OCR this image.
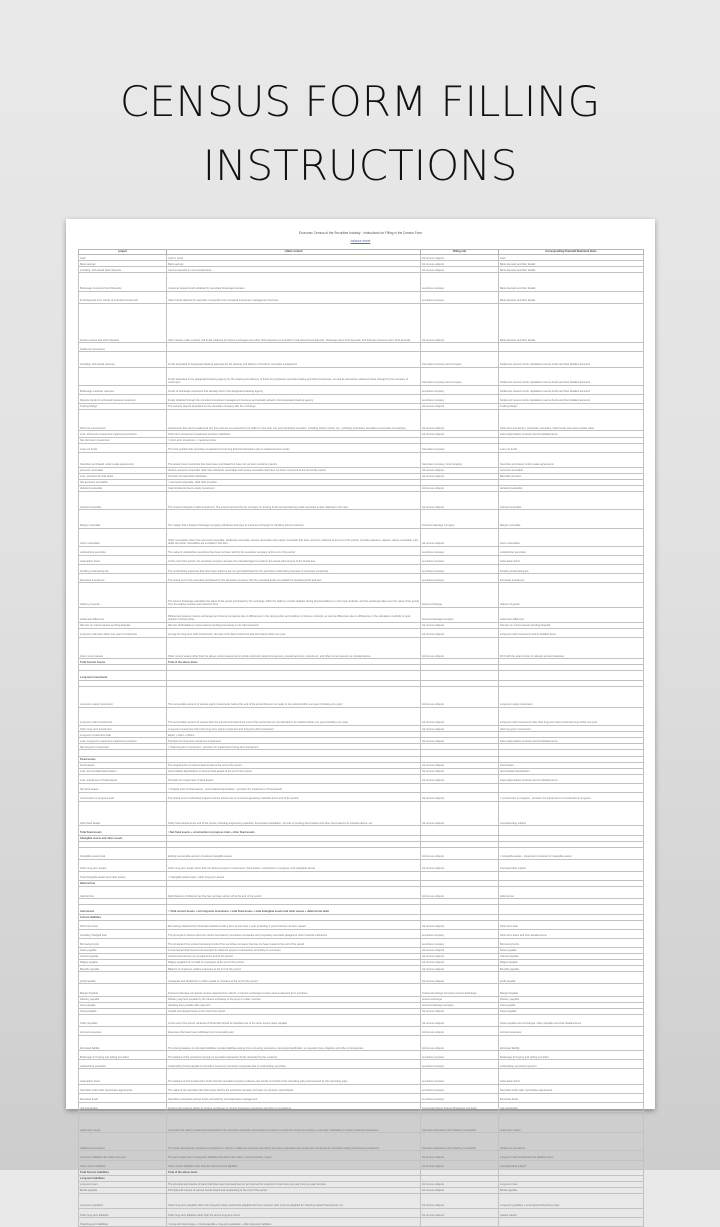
CENSUS FORM FILLING
INSTRUCTIONS
Economic Census of the Securities Industry - Instructions for Filling in the Census Form
balance sheet
project	reflect content	Filling unit	Corresponding Financial Statement Items
cash	cash in stock	All census subjects	cash
Bank savings	Bank savings	All census subjects	Bank deposits and their details
including: self-owned bank deposits	Census deposits in commercial banks	All census subjects	Bank deposits and their details
Brokerage Customer Fund Deposits	Customer deposit funds obtained by securities brokerage business	securities company	Bank deposits and their details
Fund deposits from clients of entrusted investment	Client funds obtained by securities companies from entrusted investment management business	securities company	Bank deposits and their details
Futures assets and other deposits	Client assets under custody, risk funds collected by futures exchanges and other bank deposits not included in self-owned bank deposits, brokerage client fund deposits, and fiduciary business client fund deposits.	All census subjects	Bank deposits and their details
Settlement provisions			
including: self-owned reserves	Funds deposited in designated clearing agencies for the clearing and delivery of funds for securities transactions	Securities company fund company	Settlement reserve funds, liquidation reserve funds and their detailed accounts
	Funds deposited in the designated clearing agency for the clearing and delivery of funds for proprietary securities trading and other businesses, as well as transaction settlement fees charged by the company to customers.	Securities company fund company	Settlement reserve funds, liquidation reserve funds and their detailed accounts
Brokerage customer reserves	Funds of brokerage customers that actually exist in the designated clearing agency	securities company	Settlement reserve funds, liquidation reserve funds and their detailed accounts
Reserve funds for entrusted business customers	Funds obtained through the entrusted investment management business and actually stored in the designated clearing agency	securities company	Settlement reserve funds, liquidation reserve funds and their detailed accounts
Trading Margin	The security deposit deposited by the securities company with the exchange	All census subjects	Trading Margin
Short-term investment	Investments that can be realized at any time and are not expected to be held for more than one year (including securities, including stocks, bonds, etc., including proprietary securities of securities companies).	All census subjects	Short-term investment, proprietary securities, trade bonds plus asset market value
Less: short-term investment impairment provision	Short-term investment impairment provision withdrawn	All census subjects	Asset depreciation provision and its detailed items
Net short-term investment	= short-term investment - impairment loss		
Loan out funds	The fund position that securities companies lend among financial institutions due to capital turnover needs	Securities company	Loan out funds
Securities purchased under resale agreements	The actual cost of securities that have been purchased but have not yet been resold at maturity	Securities company, fund company	Securities purchased under resale agreements
accounts receivable	Various accounts receivable other than dividends receivable and interest receivable that have not been recovered at the end of the period	All census subjects	accounts receivable
Less: provision for bad debts	Provision for bad debts withdrawn	All census subjects	Bad debt provision
Net accounts receivable	= Accounts receivable - Bad debt provision		
dividend receivable	Cash dividends due to equity investment	All census subjects	dividend receivable
Interest receivable	The interest charged on debt investment. The interest accrued by the company on lending funds and purchasing resale securities is also reflected in this item.	All census subjects	Interest receivable
Margin receivable	The margin that a futures brokerage company withdraws and pays to a futures exchange for handling futures business	Futures brokerage company	Margin receivable
other receivables	Other receivables other than accounts receivable, dividends receivable, interest receivable and margin receivable that have not been collected at the end of the period, including advance, deposit, claims receivable, bad debts and other receivables are included in this item.	All census subjects	other receivables
underwriting securities	The value of underwritten securities that have not been sold by the securities company at the end of the period	securities company	underwriting securities
redemption bond	At the end of the period, the securities company accepts the entrusted agent to redeem the actual paid amount of the bonds due	securities company	redemption bond
Pending underwriting fee	The underwriting expenses that have been paid but are not yet listed/closed for the securities underwriting business of securities companies	securities company	Pending underwriting fee
Entrusted investment	The actual cost of the securities purchased by the securities company with the entrusted funds not settled but unsettled profit and loss	securities company	Entrusted investment
delivery of goods	The futures brokerage calculates the value of the goods purchased by the exchange within the delivery number defaults during physical delivery on the buyer defaults, and the exchange takes over the value of the goods from the selling member and customer from	futures exchange	delivery of goods
settlement difference	Differences between futures exchanges and futures companies due to differences in the closing order and positions of futures contracts, as well as differences due to differences in the calculation methods of open position contract prices	futures brokerage company	settlement difference
Net loss on current assets pending disposal	Net loss attributable to current assets pending processing in net call processed	All census subjects	Net loss on current assets pending disposal
Long-term debt due within one year of investment	Among the long-term debt investments, the part of the debt investment that will mature within one year	All census subjects	Long-term debt investment and its detailed items
other current assets	Other current assets other than the above current assets items include structural, deferred expenses, prepaid accounts, investment, and other current assets not included above.	All census subjects	Fill it with the total number of relevant account balances
Total Current Assets	Total of the above items		

Long-term investment			

Long-term equity investment	The recoverable amount of various equity investments held at the end of the period that are not ready to be realized within one year (including one year)	All census subjects	Long-term equity investment
Long-term debt investments	The recoverable amount of various debt the investments held at the end of the period that are not intended to be realized within one year (including one year)	All census subjects	Long-term debt investment other than long-term debt investment due within one year
Other long-term investment	Long-term investment other than long-term equity investment and long-term debt investment	All census subjects	other long-term investment
Long-term investment total	Equity + Debt + Others		
Less: Long-term investment impairment provision	Provision for long-term investment impairment	All census subjects	Asset depreciation provision and its detailed items
Net long-term investment	= Total long-term investment - provision for impairment of long-term investment		

Fixed assets			
Fixed assets	The original price of various fixed assets at the end of the period	All census subjects	fixed assets
Less: accumulated depreciation	Accumulated depreciation of various fixed assets at the end of the period	All census subjects	accumulated depreciation
Less: impairment of fixed assets	Provision for impairment of fixed assets	All census subjects	Asset depreciation provision and its detailed items
Net fixed assets	= Original price of fixed assets - accumulated depreciation - provision for impairment of fixed assets		
Construction in progress total	The actual cost of unfinished projects and the actual cost of unused engineering materials at the end of the period	All census subjects	= construction in progress - provision for impairment of construction in progress
other fixed assets	Other fixed assets at the end of the period, including engineering materials, fixed assets liquidation, net loss of pending fixed assets and other fixed assets not included above, etc.	All census subjects	Corresponding subject
Total fixed assets	= Net fixed assets + construction in progress total + other fixed assets		
Intangible assets and other assets			

Intangible assets total	Ending recoverable amount of various intangible assets	All census subjects	= intangible assets - impairment provision for intangible assets
Other long-term assets	Other long-term assets other than the above long-term investments, fixed assets, construction in progress, and intangible assets	All census subjects	Corresponding subject
Total intangible assets and other assets	= Intangible assets total + other long-term assets		
Deferred tax			
deferred tax	Debit balance of deferred tax that has not been written off at the end of the period	All census subjects	deferred tax

total assets	= Total current assets + net long-term investment + total fixed assets + total intangible assets and other assets + deferred tax debit		
Current liabilities			
Short-term loan	Borrowings obtained from financial institutions with a term of less than 1 year (including 1 year) that has not been repaid	All census subjects	Short-term loan
including: Pledged loan	The principal of various short-term loans borrowed by securities companies with proprietary securities pledged to other financial institutions	securities company	Short-term loans and their detailed items
Borrowing funds	The principal of the unfaun borrowing funds of the securities company that has not been repaid at the end of the period	securities company	Borrowing funds
Notes payable	A commercial draft issued and accepted for deferred payment transactions according to a contract	All census subjects	Notes payable
Interest payable	Interest accrued but not yet paid at the end of the period	All census subjects	Interest payable
Wages payable	Wages payable but not paid to employees at the end of the period	All census subjects	Wages payable
Benefits payable	Balance of employee welfare expenses at the end of the period	All census subjects	Benefits payable
profit payable	Cooperate and dividends or profits unpaid to investors at the end of the period	All census subjects	profit payable
Margin Payable	Futures brokerage companies receive deposits from clients; or futures exchanges receive various deposits from members	Futures Exchange Company Futures Exchange	Margin Payable
Delivery payable	Delivery payment payable by the futures exchange to the buyer or seller member	futures exchange	Delivery payable
Fees payable	Handling fees payable after payment	futures brokerage company	Fees payable
Taxes payable	Unpaid and prepaid taxes at the end of the period	All census subjects	Taxes payable
Other payables	At the end of the period, all kinds of funds that should be handled cost to the other except taxes payable	All census subjects	Taxes payable and surcharges, other payables and their detailed items
Accrued expenses	Expenses that have been withdrawn but not actually paid	All census subjects	Accrued expenses
Entrusted liability	The closing balance of entrusted liabilities includes liabilities arising from entrusting operations, decoupled sterilization on operation fees, litigation and other contingencies	All census subjects	Entrusted liability
Brokerage for buying and selling securities	The balance of the securities company's securities transaction funds deposited by the customer	securities company	Brokerage for buying and selling securities
underwriting securities	Underwriting funds payable to securities issuers by securities companies due to underwriting securities	securities company	underwriting securities payment
redemption bond	The balance of bond redemption funds that the securities company redeems due bonds on behalf of the entrusting party and received by the entrusting party	securities company	redemption bond
Securities sold under repurchase agreements	The value of the securities that have been sold by the securities company but have not yet been repurchased	securities company	Securities sold under repurchase agreements
Entrusted funds	Securities companies accept funds entrusted by entrusted asset management	securities company	Entrusted funds
risk preparation	Futures risk reserves drawn by futures exchanges or futures brokerage companies according to regulations	Futures Exchange Futures Brokerage Company	risk preparation
settlement margin	A special fund paid by settlement participants to the securities depository and clearing company to ensure the continuous delivery, and clear undertaking to obtain settlement guarantee	Securities Depository and Clearing Corporation	settlement margin
Settlement provisions	The funds deposited by settlement participants in the form settlement accounts opened by securities registration and settlement companies for securities trading and clearing settlement	Securities Depository and Clearing Corporation	Settlement provisions
Long-term liabilities due within one year	The part of each item of long-term liabilities that will be due within 1 year (including 1 year)	All census subjects	Long-term debt reclassified into liabilities items
other current liabilities	Other current liabilities other than the above current liabilities	All census subjects	Corresponding subject
Total Current Liabilities	Total of the above items		
Long-term liabilities			
Long-term loan	The principal and interest of loans that have been borrowed but not yet returned for a period of more than one year (not one year) and are	All census subjects	Long-term loan
Bonds payable	Principal and interest of various bonds issued and outstanding at the end of the period	All census subjects	Bonds payable
Long-term payables	Other long-term payables other than long-term loans and bonds payable that have not been paid, such as payables for financing leased fixed assets, etc.	All census subjects	Long-term payables + unrecognized financing costs
Other long-term liabilities	Other long-term liabilities other than the above long-term items	All census subjects	related subject
Total long-term liabilities	= Long-term borrowings + bonds payable + long-term payables + other long-term liabilities		
